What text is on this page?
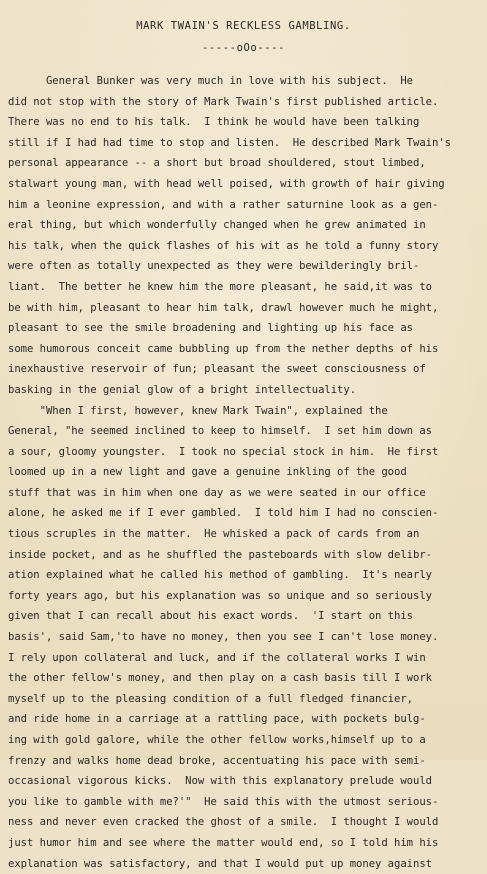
MARK TWAIN'S RECKLESS GAMBLING.
-----oOo----
General Bunker was very much in love with his subject.  He
did not stop with the story of Mark Twain's first published article.
There was no end to his talk.  I think he would have been talking
still if I had had time to stop and listen.  He described Mark Twain's
personal appearance -- a short but broad shouldered, stout limbed,
stalwart young man, with head well poised, with growth of hair giving
him a leonine expression, and with a rather saturnine look as a gen-
eral thing, but which wonderfully changed when he grew animated in
his talk, when the quick flashes of his wit as he told a funny story
were often as totally unexpected as they were bewilderingly bril-
liant.  The better he knew him the more pleasant, he said,it was to
be with him, pleasant to hear him talk, drawl however much he might,
pleasant to see the smile broadening and lighting up his face as
some humorous conceit came bubbling up from the nether depths of his
inexhaustive reservoir of fun; pleasant the sweet consciousness of
basking in the genial glow of a bright intellectuality.
"When I first, however, knew Mark Twain", explained the
General, "he seemed inclined to keep to himself.  I set him down as
a sour, gloomy youngster.  I took no special stock in him.  He first
loomed up in a new light and gave a genuine inkling of the good
stuff that was in him when one day as we were seated in our office
alone, he asked me if I ever gambled.  I told him I had no conscien-
tious scruples in the matter.  He whisked a pack of cards from an
inside pocket, and as he shuffled the pasteboards with slow delibr-
ation explained what he called his method of gambling.  It's nearly
forty years ago, but his explanation was so unique and so seriously
given that I can recall about his exact words.  'I start on this
basis', said Sam,'to have no money, then you see I can't lose money.
I rely upon collateral and luck, and if the collateral works I win
the other fellow's money, and then play on a cash basis till I work
myself up to the pleasing condition of a full fledged financier,
and ride home in a carriage at a rattling pace, with pockets bulg-
ing with gold galore, while the other fellow works,himself up to a
frenzy and walks home dead broke, accentuating his pace with semi-
occasional vigorous kicks.  Now with this explanatory prelude would
you like to gamble with me?'"  He said this with the utmost serious-
ness and never even cracked the ghost of a smile.  I thought I would
just humor him and see where the matter would end, so I told him his
explanation was satisfactory, and that I would put up money against
